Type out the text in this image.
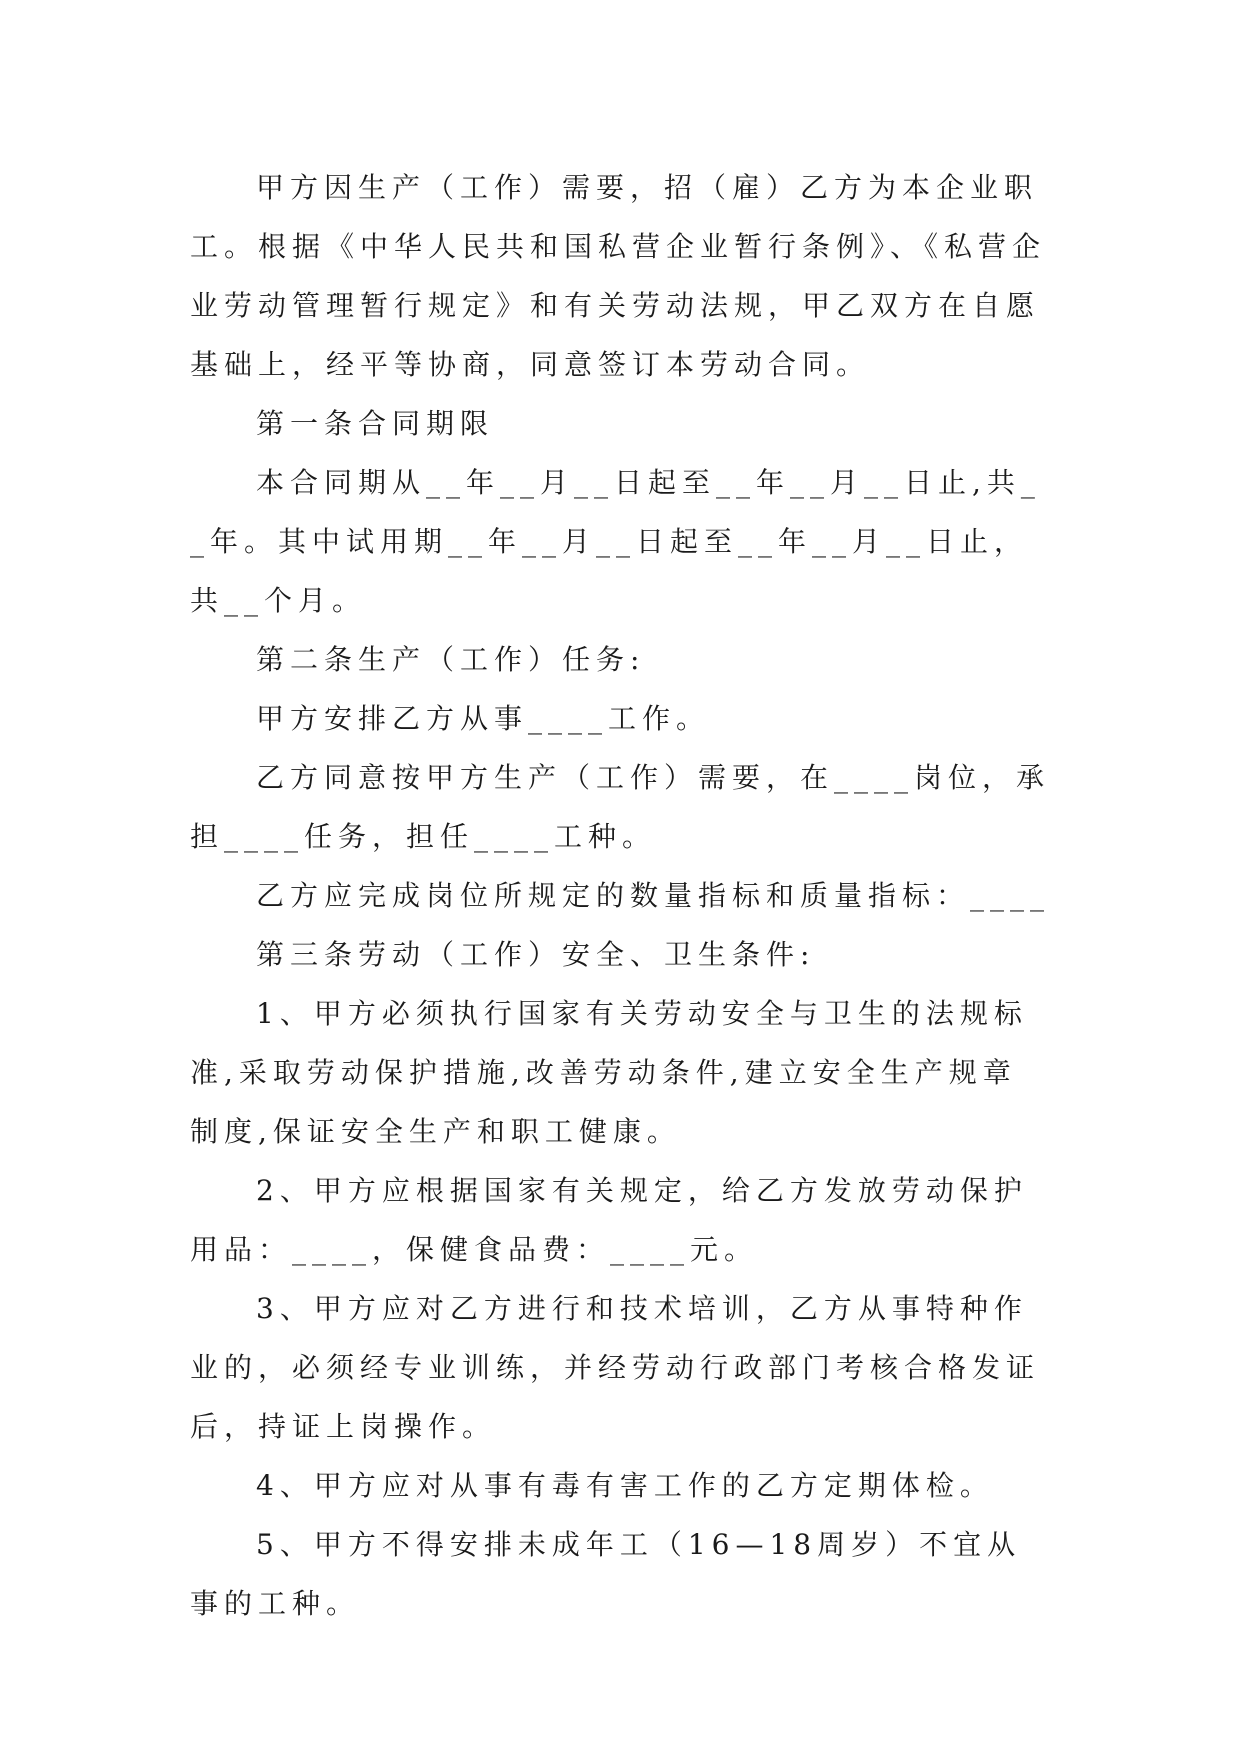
甲方因生产（工作）需要，招（雇）乙方为本企业职工。根据《中华人民共和国私营企业暂行条例》、《私营企业劳动管理暂行规定》和有关劳动法规，甲乙双方在自愿基础上，经平等协商，同意签订本劳动合同。

第一条合同期限

本合同期从__年__月__日起至__年__月__日止,共__年。其中试用期__年__月__日起至__年__月__日止，共__个月。

第二条生产（工作）任务:

甲方安排乙方从事____工作。

乙方同意按甲方生产（工作）需要，在____岗位，承担____任务，担任____工种。

乙方应完成岗位所规定的数量指标和质量指标：____

第三条劳动（工作）安全、卫生条件:

1、甲方必须执行国家有关劳动安全与卫生的法规标准,采取劳动保护措施,改善劳动条件,建立安全生产规章制度,保证安全生产和职工健康。

2、甲方应根据国家有关规定，给乙方发放劳动保护用品：____，保健食品费：____元。

3、甲方应对乙方进行和技术培训，乙方从事特种作业的，必须经专业训练，并经劳动行政部门考核合格发证后，持证上岗操作。

4、甲方应对从事有毒有害工作的乙方定期体检。

5、甲方不得安排未成年工（16—18周岁）不宜从事的工种。
